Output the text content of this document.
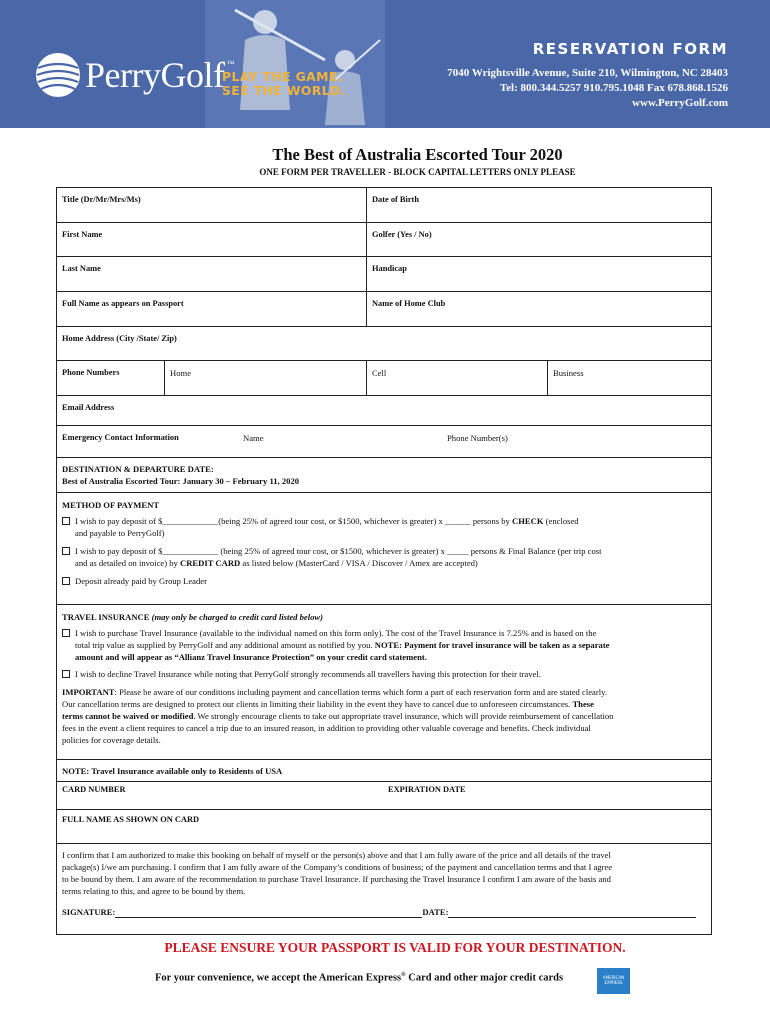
PerryGolf ™
PLAY THE GAME.
SEE THE WORLD.
RESERVATION FORM
7040 Wrightsville Avenue, Suite 210, Wilmington, NC 28403
Tel: 800.344.5257 910.795.1048 Fax 678.868.1526
www.PerryGolf.com
The Best of Australia Escorted Tour 2020
ONE FORM PER TRAVELLER - BLOCK CAPITAL LETTERS ONLY PLEASE
Title (Dr/Mr/Mrs/Ms)	Date of Birth
First Name	Golfer (Yes / No)
Last Name	Handicap
Full Name as appears on Passport	Name of Home Club
Home Address (City /State/ Zip)
Phone Numbers	Home	Cell	Business
Email Address
Emergency Contact Information	Name	Phone Number(s)
DESTINATION & DEPARTURE DATE:
Best of Australia Escorted Tour: January 30 – February 11, 2020
METHOD OF PAYMENT
I wish to pay deposit of $_____________(being 25% of agreed tour cost, or $1500, whichever is greater) x ______ persons by CHECK (enclosed
and payable to PerryGolf)
I wish to pay deposit of $_____________ (being 25% of agreed tour cost, or $1500, whichever is greater) x _____ persons & Final Balance (per trip cost
and as detailed on invoice) by CREDIT CARD as listed below (MasterCard / VISA / Discover / Amex are accepted)
Deposit already paid by Group Leader
TRAVEL INSURANCE (may only be charged to credit card listed below)
I wish to purchase Travel Insurance (available to the individual named on this form only). The cost of the Travel Insurance is 7.25% and is based on the
total trip value as supplied by PerryGolf and any additional amount as notified by you. NOTE: Payment for travel insurance will be taken as a separate
amount and will appear as “Allianz Travel Insurance Protection” on your credit card statement.
I wish to decline Travel Insurance while noting that PerryGolf strongly recommends all travellers having this protection for their travel.
IMPORTANT: Please be aware of our conditions including payment and cancellation terms which form a part of each reservation form and are stated clearly.
Our cancellation terms are designed to protect our clients in limiting their liability in the event they have to cancel due to unforeseen circumstances. These
terms cannot be waived or modified. We strongly encourage clients to take out appropriate travel insurance, which will provide reimbursement of cancellation
fees in the event a client requires to cancel a trip due to an insured reason, in addition to providing other valuable coverage and benefits. Check individual
policies for coverage details.
NOTE: Travel Insurance available only to Residents of USA
CARD NUMBER	EXPIRATION DATE
FULL NAME AS SHOWN ON CARD
I confirm that I am authorized to make this booking on behalf of myself or the person(s) above and that I am fully aware of the price and all details of the travel
package(s) I/we am purchasing. I confirm that I am fully aware of the Company’s conditions of business; of the payment and cancellation terms and that I agree
to be bound by them. I am aware of the recommendation to purchase Travel Insurance. If purchasing the Travel Insurance I confirm I am aware of the basis and
terms relating to this, and agree to be bound by them.
SIGNATURE:	DATE:
PLEASE ENSURE YOUR PASSPORT IS VALID FOR YOUR DESTINATION.
For your convenience, we accept the American Express® Card and other major credit cards	AMERICAN EXPRESS
